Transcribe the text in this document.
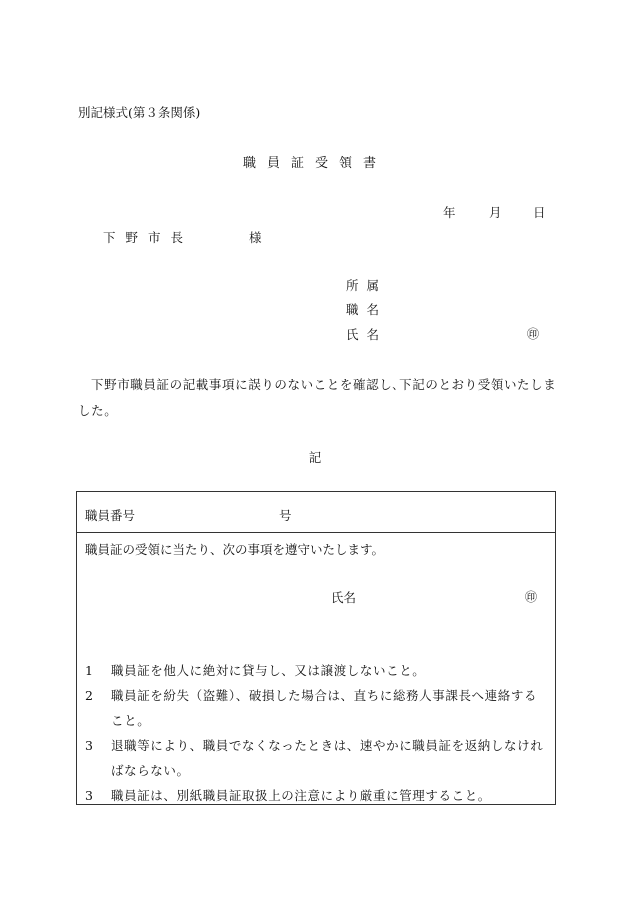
別記様式(第３条関係)
職員証受領書
年	月	日
下野市長	様
所属
職名
氏名	㊞
下野市職員証の記載事項に誤りのないことを確認し､下記のとおり受領いたしました。
記
職員番号	号
職員証の受領に当たり、次の事項を遵守いたします。
氏名	㊞
1	職員証を他人に絶対に貸与し、又は譲渡しないこと。
2	職員証を紛失（盗難）、破損した場合は、直ちに総務人事課長へ連絡すること。
3	退職等により、職員でなくなったときは、速やかに職員証を返納しなければならない。
3	職員証は、別紙職員証取扱上の注意により厳重に管理すること。
